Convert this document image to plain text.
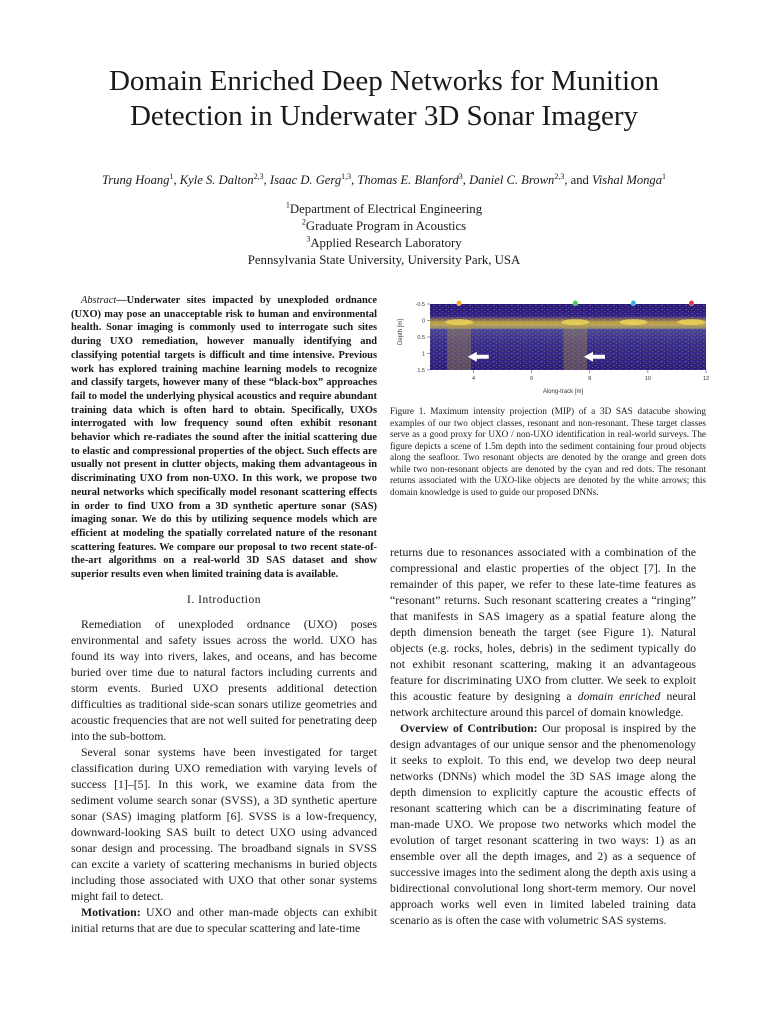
Domain Enriched Deep Networks for Munition
Detection in Underwater 3D Sonar Imagery
Trung Hoang$^1$, Kyle S. Dalton$^{2,3}$, Isaac D. Gerg$^{1,3}$, Thomas E. Blanford$^3$, Daniel C. Brown$^{2,3}$, and Vishal Monga$^1$
$^1$Department of Electrical Engineering
$^2$Graduate Program in Acoustics
$^3$Applied Research Laboratory
Pennsylvania State University, University Park, USA

Abstract—Underwater sites impacted by unexploded ordnance (UXO) may pose an unacceptable risk to human and environmental health. Sonar imaging is commonly used to interrogate such sites during UXO remediation, however manually identifying and classifying potential targets is difficult and time intensive. Previous work has explored training machine learning models to recognize and classify targets, however many of these “black-box” approaches fail to model the underlying physical acoustics and require abundant training data which is often hard to obtain. Specifically, UXOs interrogated with low frequency sound often exhibit resonant behavior which re-radiates the sound after the initial scattering due to elastic and compressional properties of the object. Such effects are usually not present in clutter objects, making them advantageous in discriminating UXO from non-UXO. In this work, we propose two neural networks which specifically model resonant scattering effects in order to find UXO from a 3D synthetic aperture sonar (SAS) imaging sonar. We do this by utilizing sequence models which are efficient at modeling the spatially correlated nature of the resonant scattering features. We compare our proposal to two recent state-of-the-art algorithms on a real-world 3D SAS dataset and show superior results even when limited training data is available.

I. Introduction

Remediation of unexploded ordnance (UXO) poses environmental and safety issues across the world. UXO has found its way into rivers, lakes, and oceans, and has become buried over time due to natural factors including currents and storm events. Buried UXO presents additional detection difficulties as traditional side-scan sonars utilize geometries and acoustic frequencies that are not well suited for penetrating deep into the sub-bottom.

Several sonar systems have been investigated for target classification during UXO remediation with varying levels of success [1]–[5]. In this work, we examine data from the sediment volume search sonar (SVSS), a 3D synthetic aperture sonar (SAS) imaging platform [6]. SVSS is a low-frequency, downward-looking SAS built to detect UXO using advanced sonar design and processing. The broadband signals in SVSS can excite a variety of scattering mechanisms in buried objects including those associated with UXO that other sonar systems might fail to detect.

Motivation: UXO and other man-made objects can exhibit initial returns that are due to specular scattering and late-time

Depth [m]
Along-track [m]
-0.5
0
0.5
1
1.5
4	6	8	10	12
Figure 1. Maximum intensity projection (MIP) of a 3D SAS datacube showing examples of our two object classes, resonant and non-resonant. These target classes serve as a good proxy for UXO / non-UXO identification in real-world surveys. The figure depicts a scene of 1.5m depth into the sediment containing four proud objects along the seafloor. Two resonant objects are denoted by the orange and green dots while two non-resonant objects are denoted by the cyan and red dots. The resonant returns associated with the UXO-like objects are denoted by the white arrows; this domain knowledge is used to guide our proposed DNNs.

returns due to resonances associated with a combination of the compressional and elastic properties of the object [7]. In the remainder of this paper, we refer to these late-time features as “resonant” returns. Such resonant scattering creates a “ringing” that manifests in SAS imagery as a spatial feature along the depth dimension beneath the target (see Figure 1). Natural objects (e.g. rocks, holes, debris) in the sediment typically do not exhibit resonant scattering, making it an advantageous feature for discriminating UXO from clutter. We seek to exploit this acoustic feature by designing a domain enriched neural network architecture around this parcel of domain knowledge.

Overview of Contribution: Our proposal is inspired by the design advantages of our unique sensor and the phenomenology it seeks to exploit. To this end, we develop two deep neural networks (DNNs) which model the 3D SAS image along the depth dimension to explicitly capture the acoustic effects of resonant scattering which can be a discriminating feature of man-made UXO. We propose two networks which model the evolution of target resonant scattering in two ways: 1) as an ensemble over all the depth images, and 2) as a sequence of successive images into the sediment along the depth axis using a bidirectional convolutional long short-term memory. Our novel approach works well even in limited labeled training data scenario as is often the case with volumetric SAS systems.
